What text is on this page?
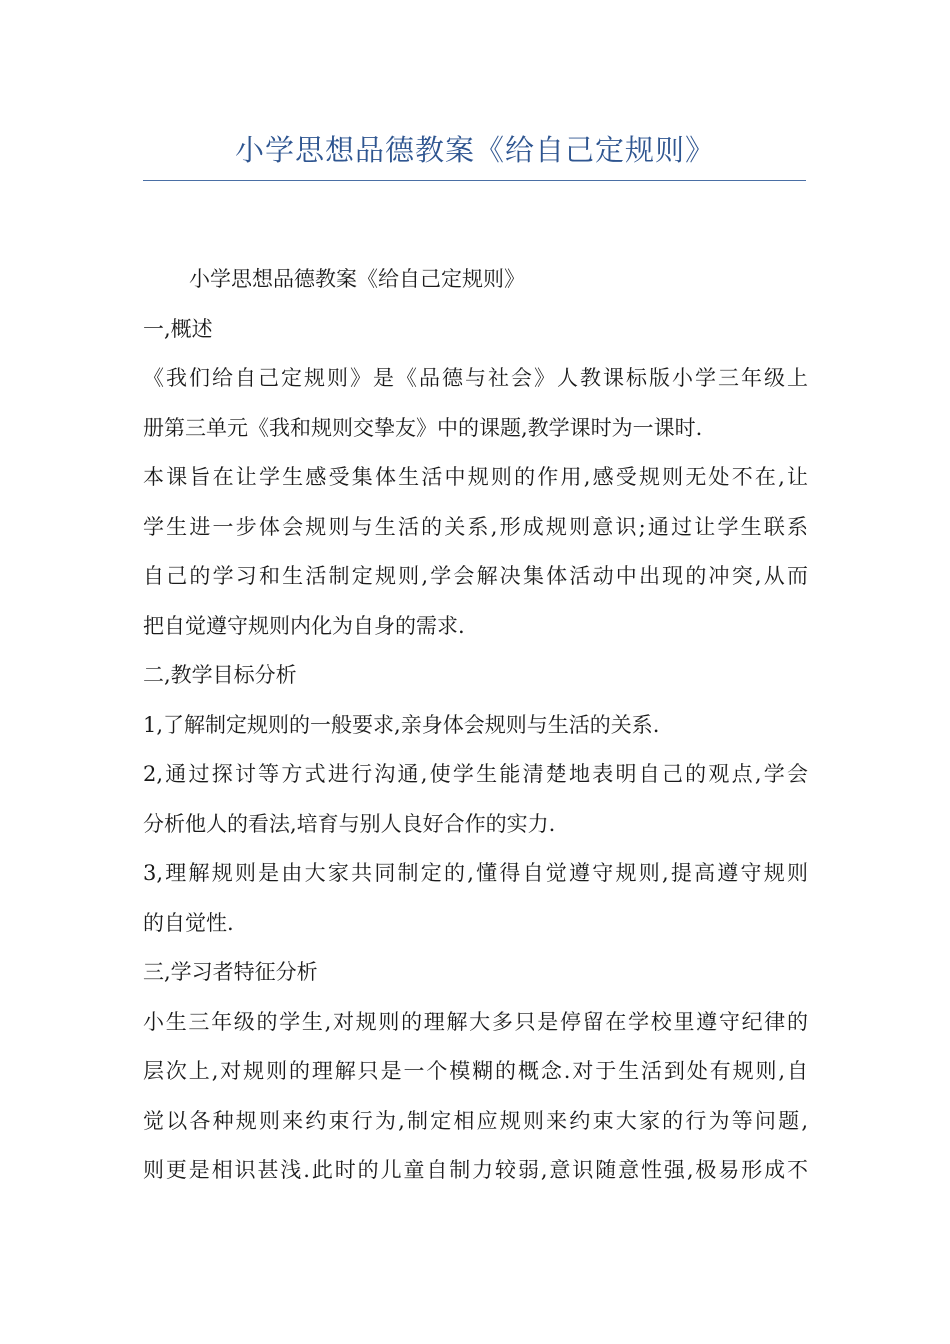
小学思想品德教案《给自己定规则》
小学思想品德教案《给自己定规则》
一,概述
《我们给自己定规则》是《品德与社会》人教课标版小学三年级上
册第三单元《我和规则交挚友》中的课题,教学课时为一课时.
本课旨在让学生感受集体生活中规则的作用,感受规则无处不在,让
学生进一步体会规则与生活的关系,形成规则意识;通过让学生联系
自己的学习和生活制定规则,学会解决集体活动中出现的冲突,从而
把自觉遵守规则内化为自身的需求.
二,教学目标分析
1,了解制定规则的一般要求,亲身体会规则与生活的关系.
2,通过探讨等方式进行沟通,使学生能清楚地表明自己的观点,学会
分析他人的看法,培育与别人良好合作的实力.
3,理解规则是由大家共同制定的,懂得自觉遵守规则,提高遵守规则
的自觉性.
三,学习者特征分析
小生三年级的学生,对规则的理解大多只是停留在学校里遵守纪律的
层次上,对规则的理解只是一个模糊的概念.对于生活到处有规则,自
觉以各种规则来约束行为,制定相应规则来约束大家的行为等问题,
则更是相识甚浅.此时的儿童自制力较弱,意识随意性强,极易形成不
